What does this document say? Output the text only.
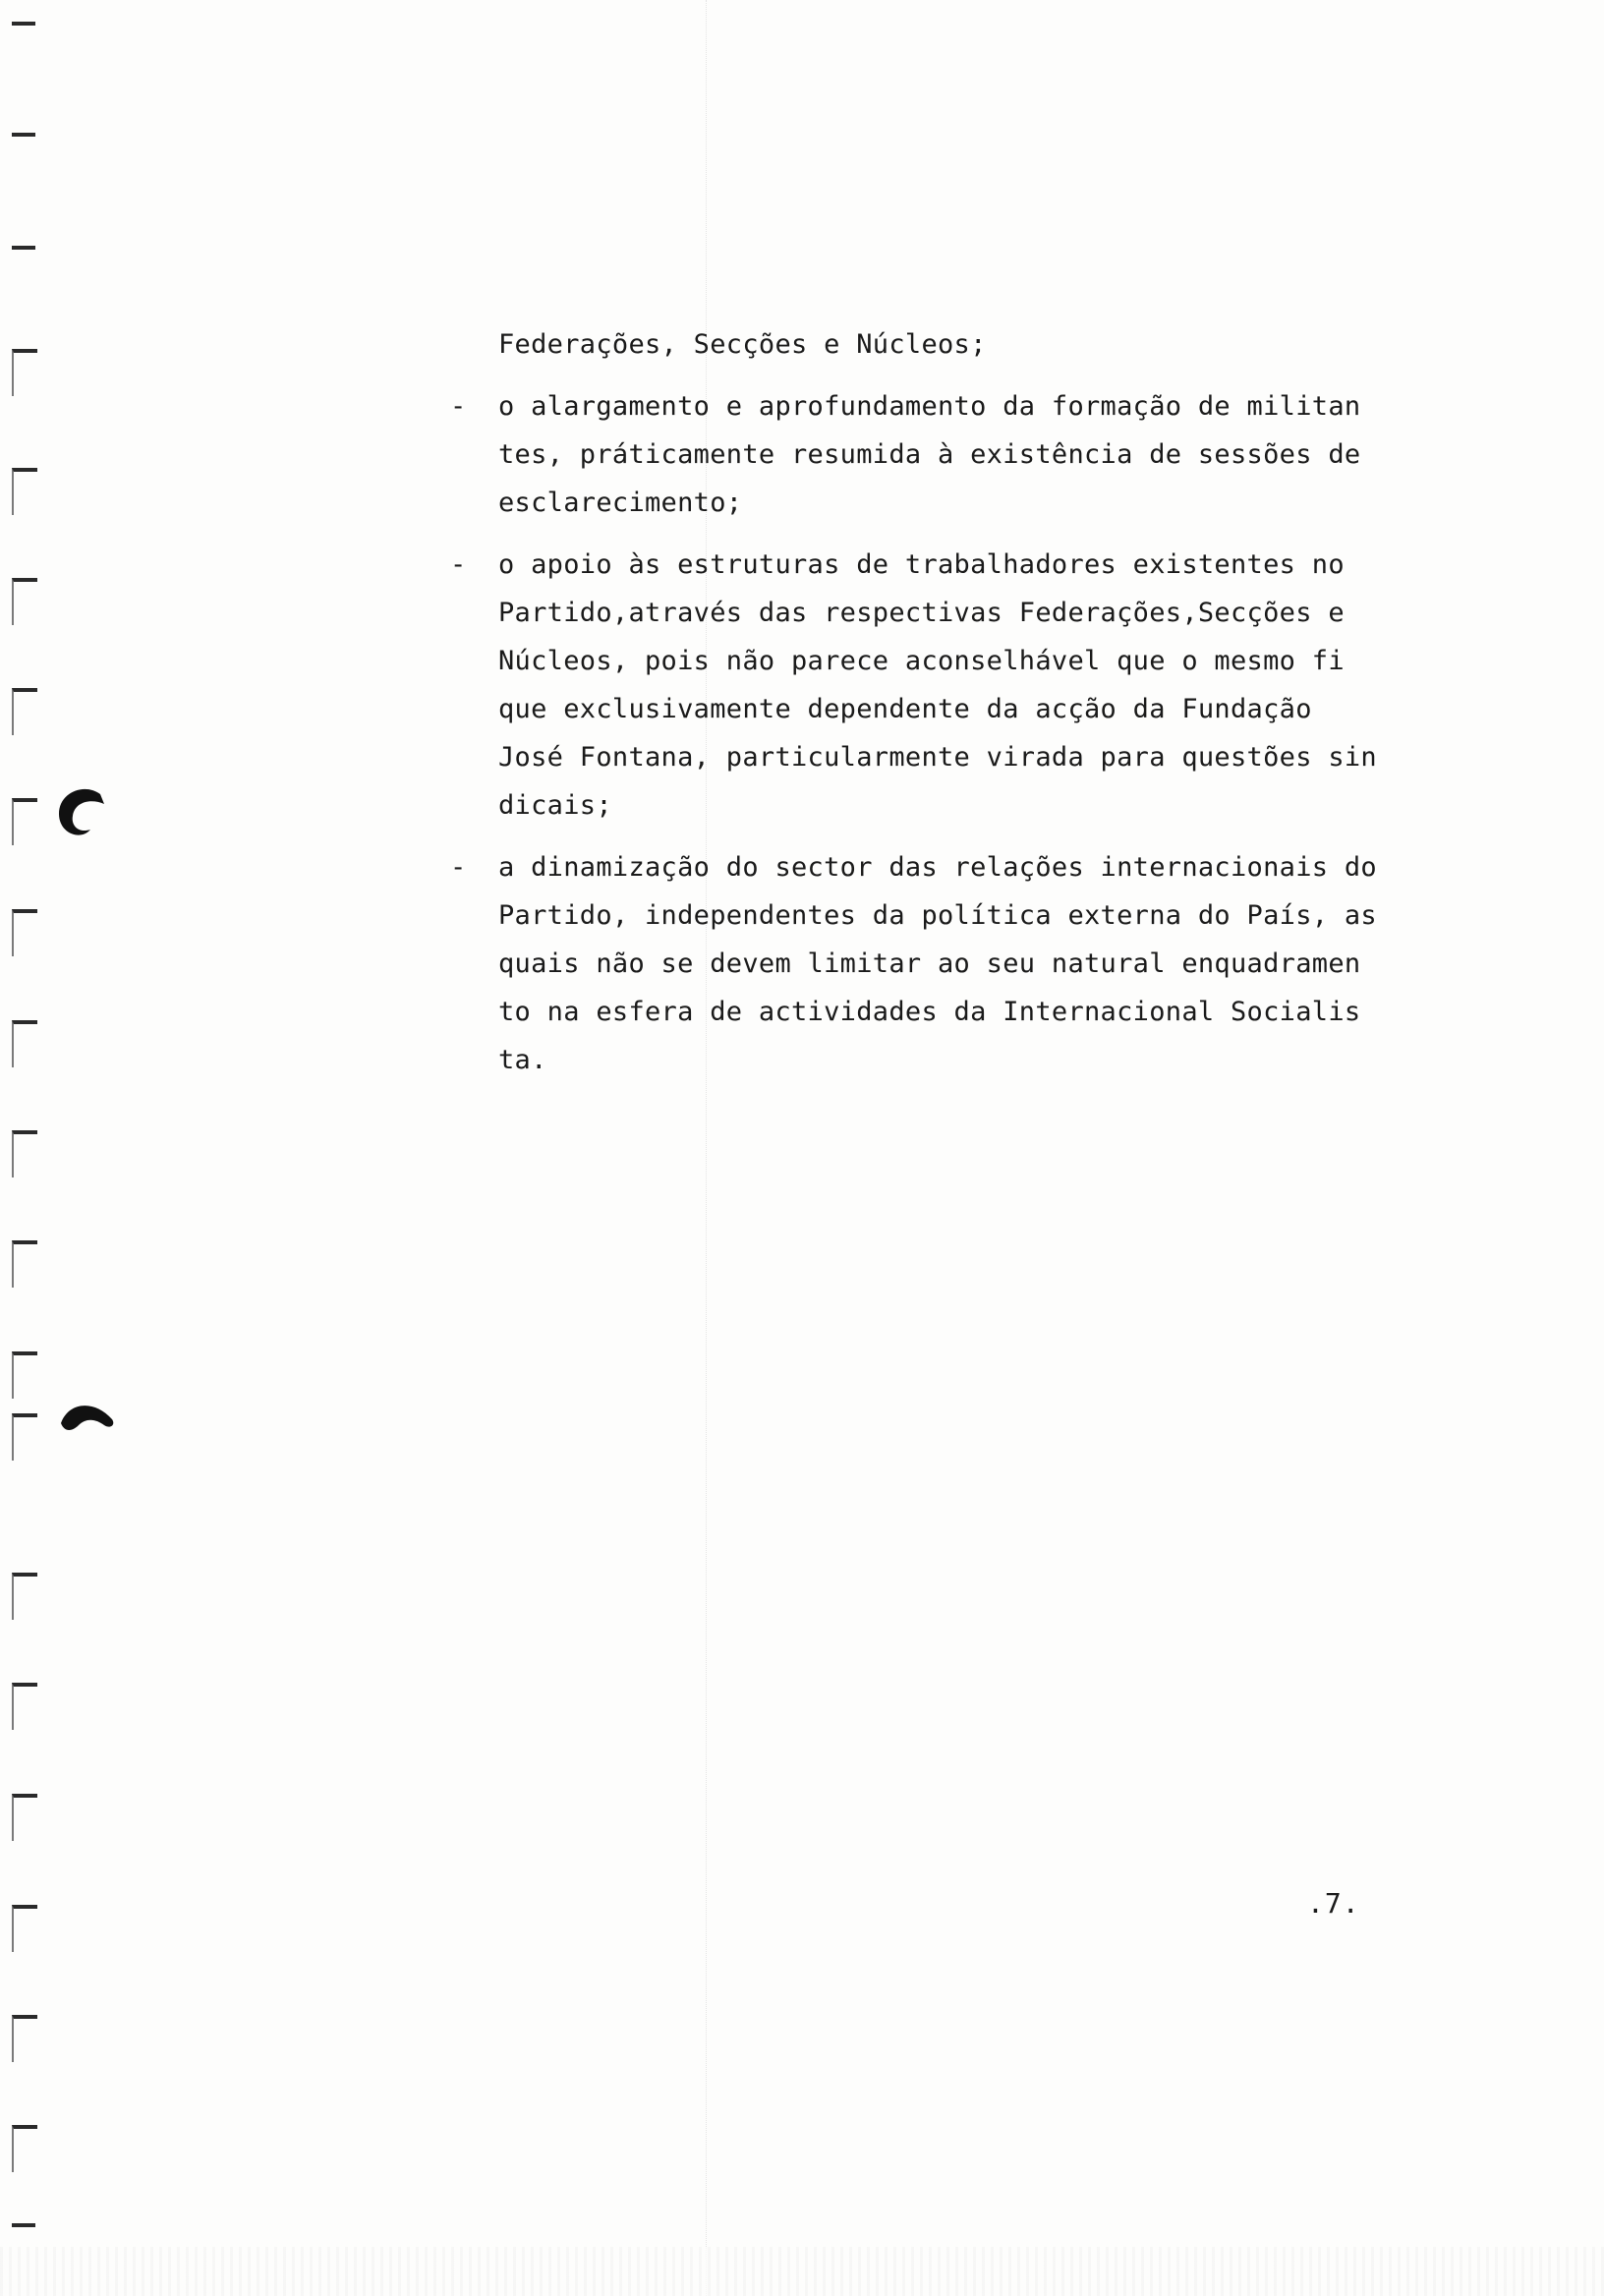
Federações, Secções e Núcleos;
- o alargamento e aprofundamento da formação de militan
tes, práticamente resumida à existência de sessões de
esclarecimento;
- o apoio às estruturas de trabalhadores existentes no
Partido,através das respectivas Federações,Secções e
Núcleos, pois não parece aconselhável que o mesmo fi
que exclusivamente dependente da acção da Fundação
José Fontana, particularmente virada para questões sin
dicais;
- a dinamização do sector das relações internacionais do
Partido, independentes da política externa do País, as
quais não se devem limitar ao seu natural enquadramen
to na esfera de actividades da Internacional Socialis
ta.
.7.
